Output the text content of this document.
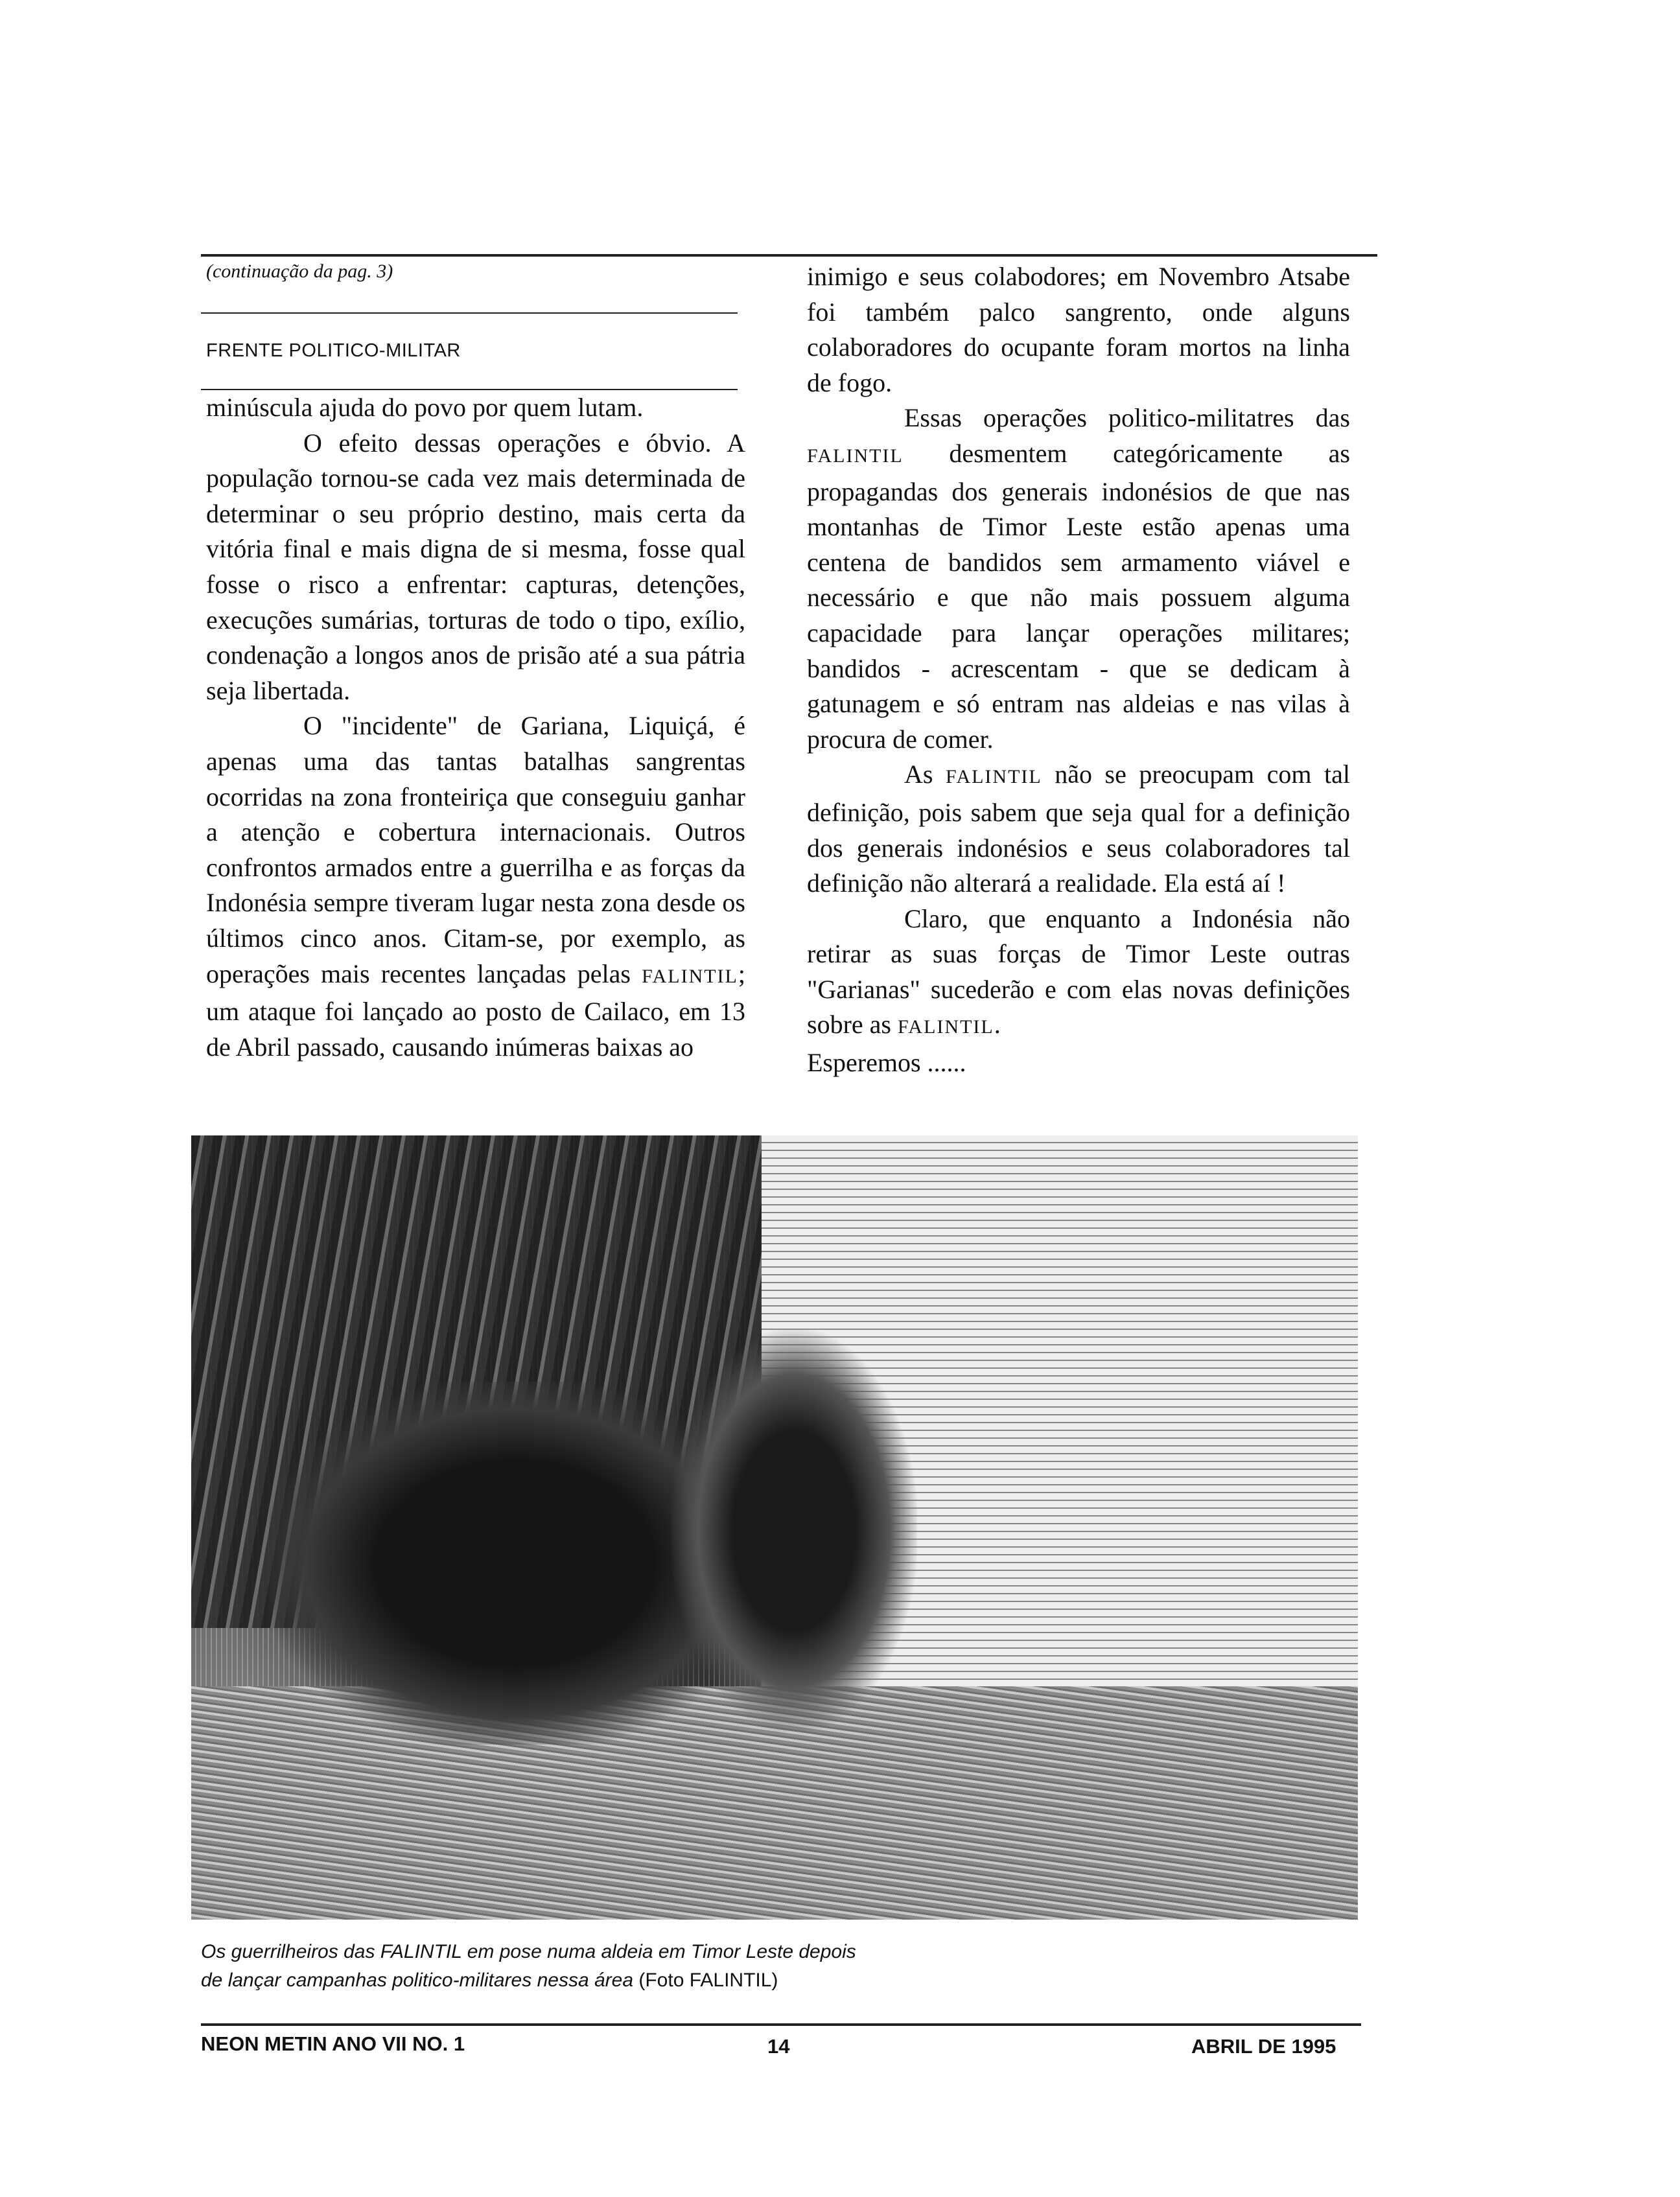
(continuação da pag. 3)
FRENTE POLITICO-MILITAR

minúscula ajuda do povo por quem lutam.

O efeito dessas operações e óbvio. A população tornou-se cada vez mais determinada de determinar o seu próprio destino, mais certa da vitória final e mais digna de si mesma, fosse qual fosse o risco a enfrentar: capturas, detenções, execuções sumárias, torturas de todo o tipo, exílio, condenação a longos anos de prisão até a sua pátria seja libertada.

O "incidente" de Gariana, Liquiçá, é apenas uma das tantas batalhas sangrentas ocorridas na zona fronteiriça que conseguiu ganhar a atenção e cobertura internacionais. Outros confrontos armados entre a guerrilha e as forças da Indonésia sempre tiveram lugar nesta zona desde os últimos cinco anos. Citam-se, por exemplo, as operações mais recentes lançadas pelas FALINTIL; um ataque foi lançado ao posto de Cailaco, em 13 de Abril passado, causando inúmeras baixas ao

inimigo e seus colabodores; em Novembro Atsabe foi também palco sangrento, onde alguns colaboradores do ocupante foram mortos na linha de fogo.

Essas operações politico-militatres das FALINTIL desmentem categóricamente as propagandas dos generais indonésios de que nas montanhas de Timor Leste estão apenas uma centena de bandidos sem armamento viável e necessário e que não mais possuem alguma capacidade para lançar operações militares; bandidos - acrescentam - que se dedicam à gatunagem e só entram nas aldeias e nas vilas à procura de comer.

As FALINTIL não se preocupam com tal definição, pois sabem que seja qual for a definição dos generais indonésios e seus colaboradores tal definição não alterará a realidade. Ela está aí !

Claro, que enquanto a Indonésia não retirar as suas forças de Timor Leste outras "Garianas" sucederão e com elas novas definições sobre as FALINTIL.

Esperemos ......

Os guerrilheiros das FALINTIL em pose numa aldeia em Timor Leste depois
de lançar campanhas politico-militares nessa área (Foto FALINTIL)
NEON METIN ANO VII NO. 1	14	ABRIL DE 1995
